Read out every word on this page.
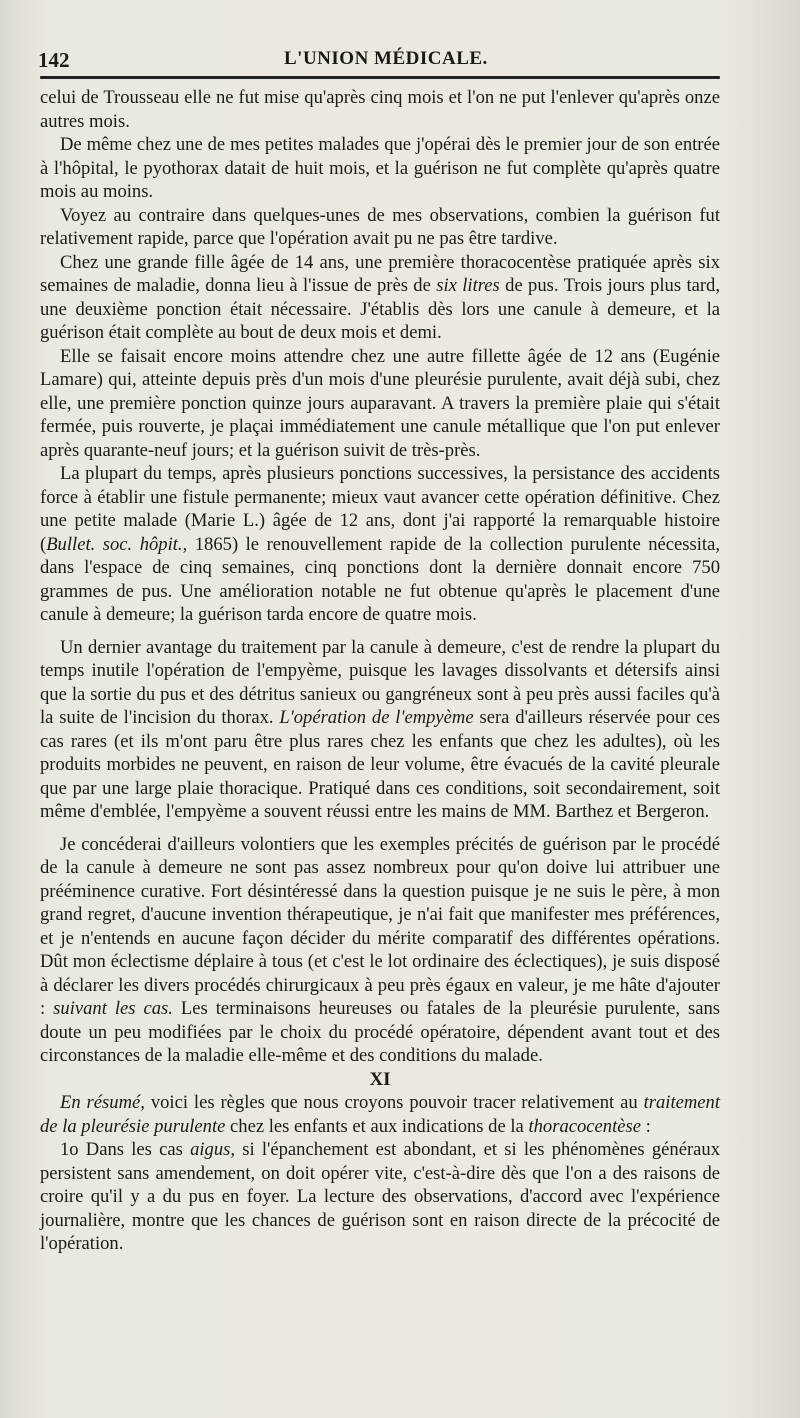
142	L'UNION MÉDICALE.

celui de Trousseau elle ne fut mise qu'après cinq mois et l'on ne put l'enlever qu'après onze autres mois.

De même chez une de mes petites malades que j'opérai dès le premier jour de son entrée à l'hôpital, le pyothorax datait de huit mois, et la guérison ne fut complète qu'après quatre mois au moins.

Voyez au contraire dans quelques-unes de mes observations, combien la guérison fut relativement rapide, parce que l'opération avait pu ne pas être tardive.

Chez une grande fille âgée de 14 ans, une première thoracocentèse pratiquée après six semaines de maladie, donna lieu à l'issue de près de six litres de pus. Trois jours plus tard, une deuxième ponction était nécessaire. J'établis dès lors une canule à demeure, et la guérison était complète au bout de deux mois et demi.

Elle se faisait encore moins attendre chez une autre fillette âgée de 12 ans (Eugénie Lamare) qui, atteinte depuis près d'un mois d'une pleurésie purulente, avait déjà subi, chez elle, une première ponction quinze jours auparavant. A travers la première plaie qui s'était fermée, puis rouverte, je plaçai immédiatement une canule métallique que l'on put enlever après quarante-neuf jours; et la guérison suivit de très-près.

La plupart du temps, après plusieurs ponctions successives, la persistance des accidents force à établir une fistule permanente; mieux vaut avancer cette opération définitive. Chez une petite malade (Marie L.) âgée de 12 ans, dont j'ai rapporté la remarquable histoire (Bullet. soc. hôpit., 1865) le renouvellement rapide de la collection purulente nécessita, dans l'espace de cinq semaines, cinq ponctions dont la dernière donnait encore 750 grammes de pus. Une amélioration notable ne fut obtenue qu'après le placement d'une canule à demeure; la guérison tarda encore de quatre mois.

Un dernier avantage du traitement par la canule à demeure, c'est de rendre la plupart du temps inutile l'opération de l'empyème, puisque les lavages dissolvants et détersifs ainsi que la sortie du pus et des détritus sanieux ou gangréneux sont à peu près aussi faciles qu'à la suite de l'incision du thorax. L'opération de l'empyème sera d'ailleurs réservée pour ces cas rares (et ils m'ont paru être plus rares chez les enfants que chez les adultes), où les produits morbides ne peuvent, en raison de leur volume, être évacués de la cavité pleurale que par une large plaie thoracique. Pratiqué dans ces conditions, soit secondairement, soit même d'emblée, l'empyème a souvent réussi entre les mains de MM. Barthez et Bergeron.

Je concéderai d'ailleurs volontiers que les exemples précités de guérison par le procédé de la canule à demeure ne sont pas assez nombreux pour qu'on doive lui attribuer une prééminence curative. Fort désintéressé dans la question puisque je ne suis le père, à mon grand regret, d'aucune invention thérapeutique, je n'ai fait que manifester mes préférences, et je n'entends en aucune façon décider du mérite comparatif des différentes opérations. Dût mon éclectisme déplaire à tous (et c'est le lot ordinaire des éclectiques), je suis disposé à déclarer les divers procédés chirurgicaux à peu près égaux en valeur, je me hâte d'ajouter : suivant les cas. Les terminaisons heureuses ou fatales de la pleurésie purulente, sans doute un peu modifiées par le choix du procédé opératoire, dépendent avant tout et des circonstances de la maladie elle-même et des conditions du malade.

XI

En résumé, voici les règles que nous croyons pouvoir tracer relativement au traitement de la pleurésie purulente chez les enfants et aux indications de la thoracocentèse :

1o Dans les cas aigus, si l'épanchement est abondant, et si les phénomènes généraux persistent sans amendement, on doit opérer vite, c'est-à-dire dès que l'on a des raisons de croire qu'il y a du pus en foyer. La lecture des observations, d'accord avec l'expérience journalière, montre que les chances de guérison sont en raison directe de la précocité de l'opération.
